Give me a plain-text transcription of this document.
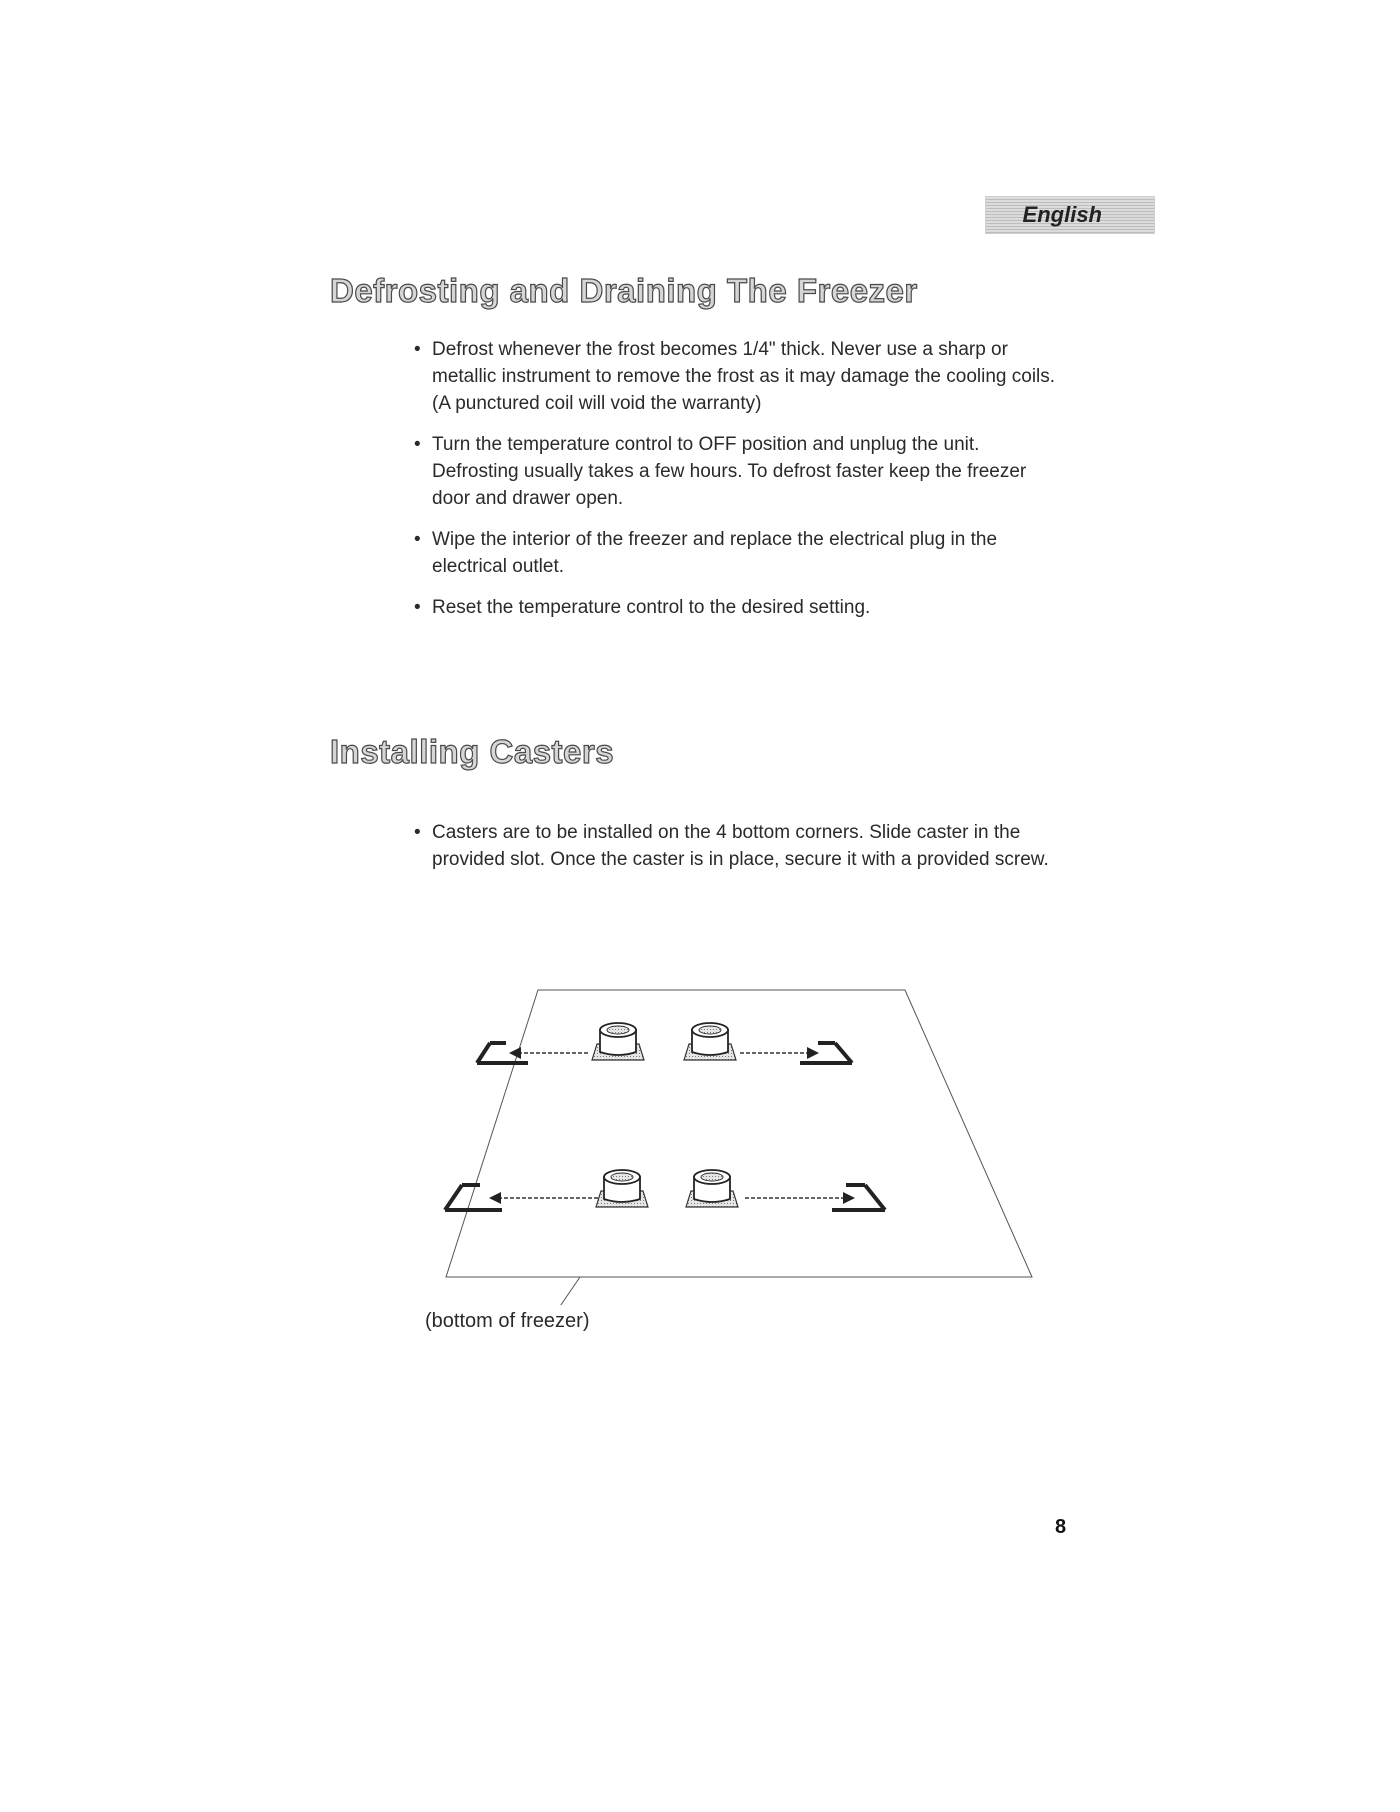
English
Defrosting and Draining The Freezer
• Defrost whenever the frost becomes 1/4" thick. Never use a sharp or metallic instrument to remove the frost as it may damage the cooling coils. (A punctured coil will void the warranty)
• Turn the temperature control to OFF position and unplug the unit. Defrosting usually takes a few hours. To defrost faster keep the freezer door and drawer open.
• Wipe the interior of the freezer and replace the electrical plug in the electrical outlet.
• Reset the temperature control to the desired setting.
Installing Casters
• Casters are to be installed on the 4 bottom corners. Slide caster in the provided slot. Once the caster is in place, secure it with a provided screw.
(bottom of freezer)
8
